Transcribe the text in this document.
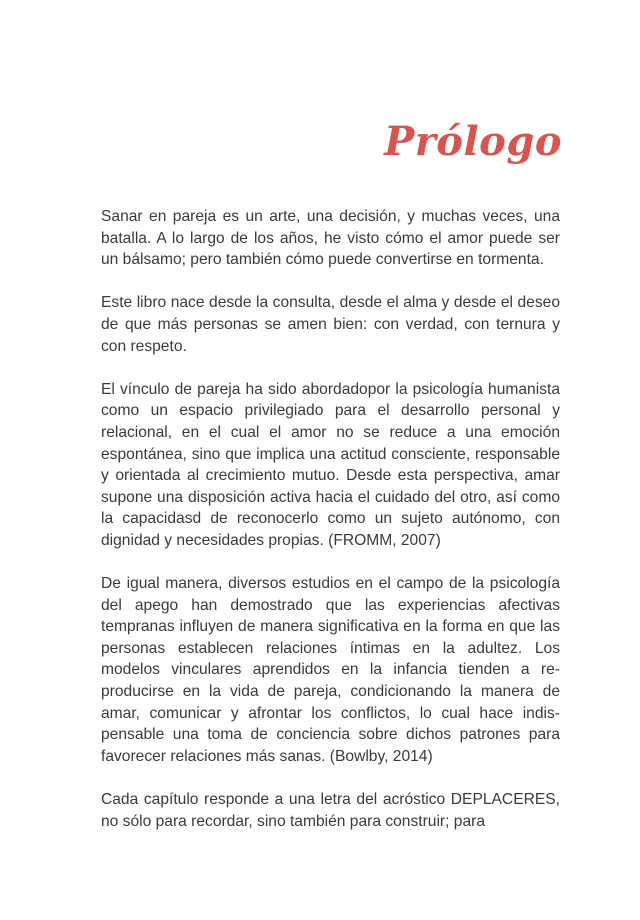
Prólogo

Sanar en pareja es un arte, una decisión, y muchas veces, una batalla. A lo largo de los años, he visto cómo el amor puede ser un bálsamo; pero también cómo puede convertirse en tormenta.

Este libro nace desde la consulta, desde el alma y desde el deseo de que más personas se amen bien: con verdad, con ternura y con respeto.

El vínculo de pareja ha sido abordadopor la psicología humanista como un espacio privilegiado para el desarrollo personal y relacional, en el cual el amor no se reduce a una emoción espontánea, sino que implica una actitud consciente, responsable y orientada al crecimiento mutuo. Desde esta perspectiva, amar supone una disposición activa hacia el cuidado del otro, así como la capacidasd de reconocerlo como un sujeto autónomo, con dignidad y necesidades propias. (FROMM, 2007)

De igual manera, diversos estudios en el campo de la psicología del apego han demostrado que las experiencias afectivas tempranas influyen de manera significativa en la forma en que las personas establecen relaciones íntimas en la adultez. Los modelos vinculares aprendidos en la infancia tienden a reproducirse en la vida de pareja, condicionando la manera de amar, comunicar y afrontar los conflictos, lo cual hace indispensable una toma de conciencia sobre dichos patrones para favorecer relaciones más sanas. (Bowlby, 2014)

Cada capítulo responde a una letra del acróstico DEPLACERES, no sólo para recordar, sino también para construir; para
